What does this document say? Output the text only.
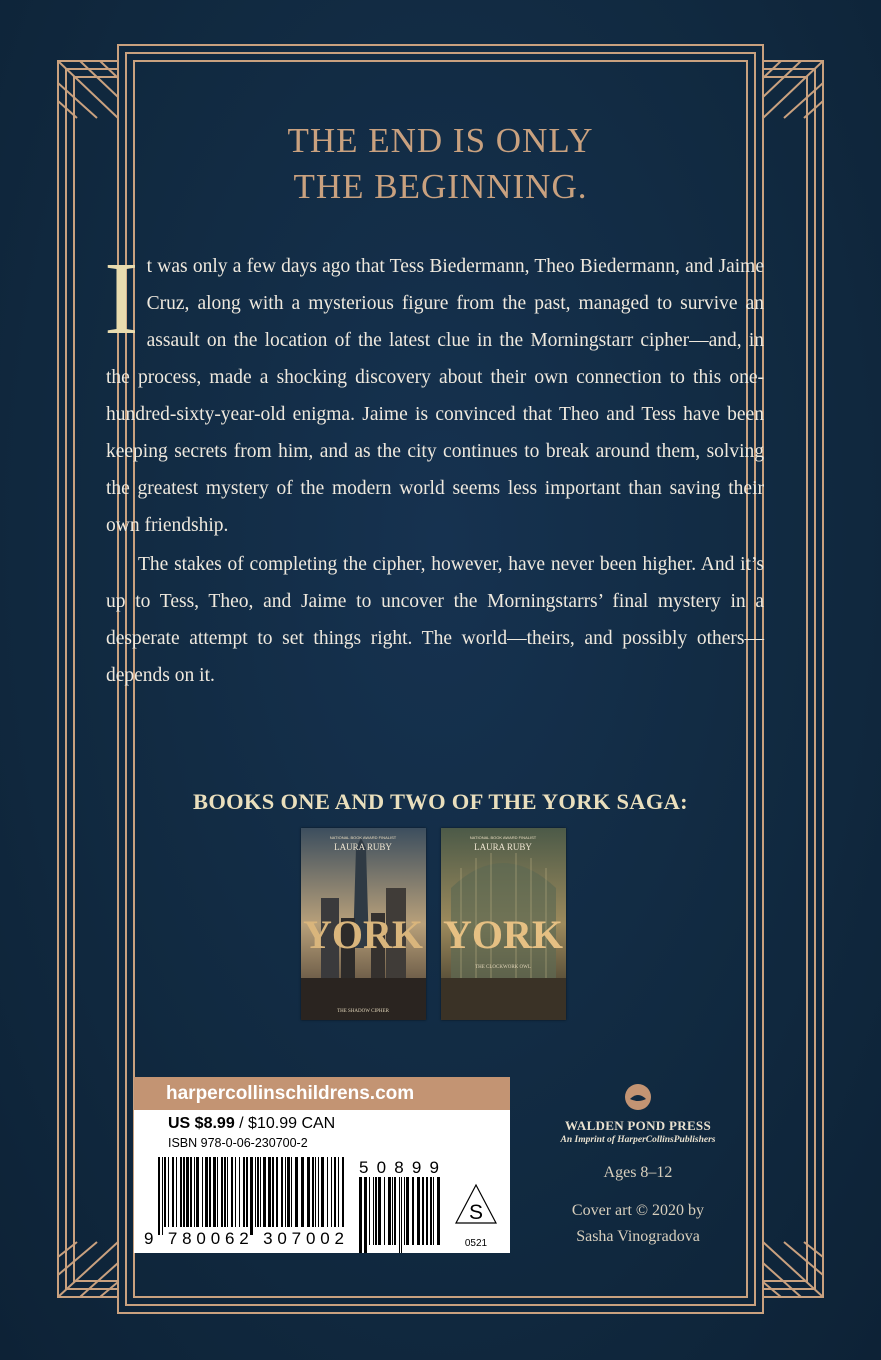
THE END IS ONLY
THE BEGINNING.

It was only a few days ago that Tess Biedermann, Theo Biedermann, and Jaime Cruz, along with a mysterious figure from the past, managed to survive an assault on the location of the latest clue in the Morningstarr cipher—and, in the process, made a shocking discovery about their own connection to this one-hundred-sixty-year-old enigma. Jaime is convinced that Theo and Tess have been keeping secrets from him, and as the city continues to break around them, solving the greatest mystery of the modern world seems less important than saving their own friendship.

The stakes of completing the cipher, however, have never been higher. And it’s up to Tess, Theo, and Jaime to uncover the Morningstarrs’ final mystery in a desperate attempt to set things right. The world—theirs, and possibly others—depends on it.

BOOKS ONE AND TWO OF THE YORK SAGA:
NATIONAL BOOK AWARD FINALIST
LAURA RUBY
YORK
THE SHADOW CIPHER
NATIONAL BOOK AWARD FINALIST
LAURA RUBY
YORK
THE CLOCKWORK OWL
harpercollinschildrens.com
US $8.99 / $10.99 CAN
ISBN 978-0-06-230700-2
9 780062 307002
50899
S
0521
WALDEN POND PRESS
An Imprint of HarperCollinsPublishers
Ages 8–12
Cover art © 2020 by
Sasha Vinogradova
